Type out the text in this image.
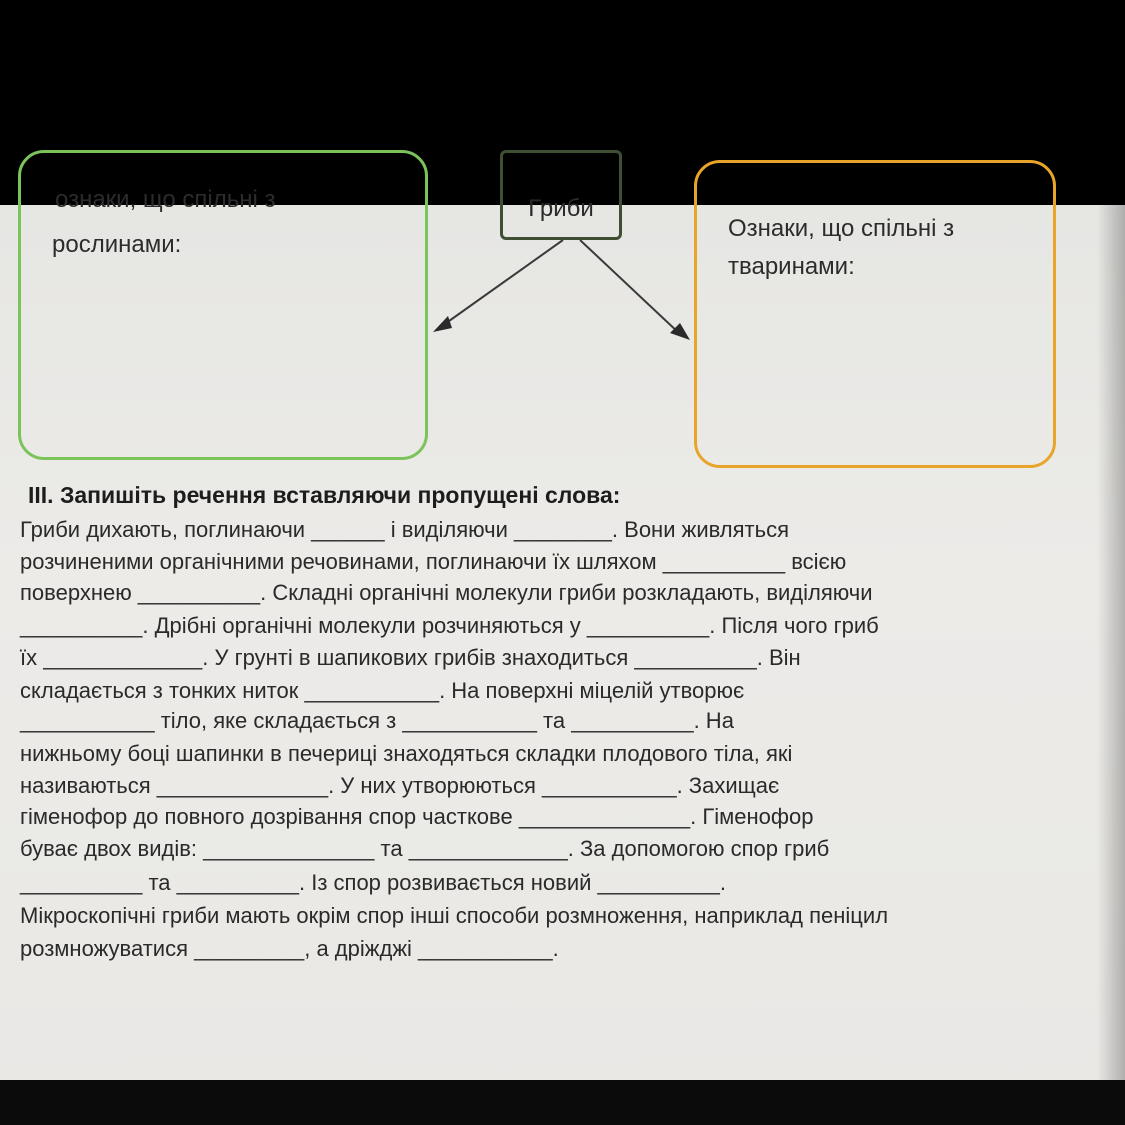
ознаки, що спільні з
рослинами:
Гриби
Ознаки, що спільні з
тваринами:
III. Запишіть речення вставляючи пропущені слова:
Гриби дихають, поглинаючи ______ і виділяючи ________. Вони живляться
розчиненими органічними речовинами, поглинаючи їх шляхом __________ всією
поверхнею __________. Складні органічні молекули гриби розкладають, виділяючи
__________. Дрібні органічні молекули розчиняються у __________. Після чого гриб
їх _____________. У грунті в шапикових грибів знаходиться __________. Він
складається з тонких ниток ___________. На поверхні міцелій утворює
___________ тіло, яке складається з ___________ та __________. На
нижньому боці шапинки в печериці знаходяться складки плодового тіла, які
називаються ______________. У них утворюються ___________. Захищає
гіменофор до повного дозрівання спор часткове ______________. Гіменофор
буває двох видів: ______________ та _____________. За допомогою спор гриб
__________ та __________. Із спор розвивається новий __________.
Мікроскопічні гриби мають окрім спор інші способи розмноження, наприклад пеніцил
розмножуватися _________, а дріжджі ___________.
